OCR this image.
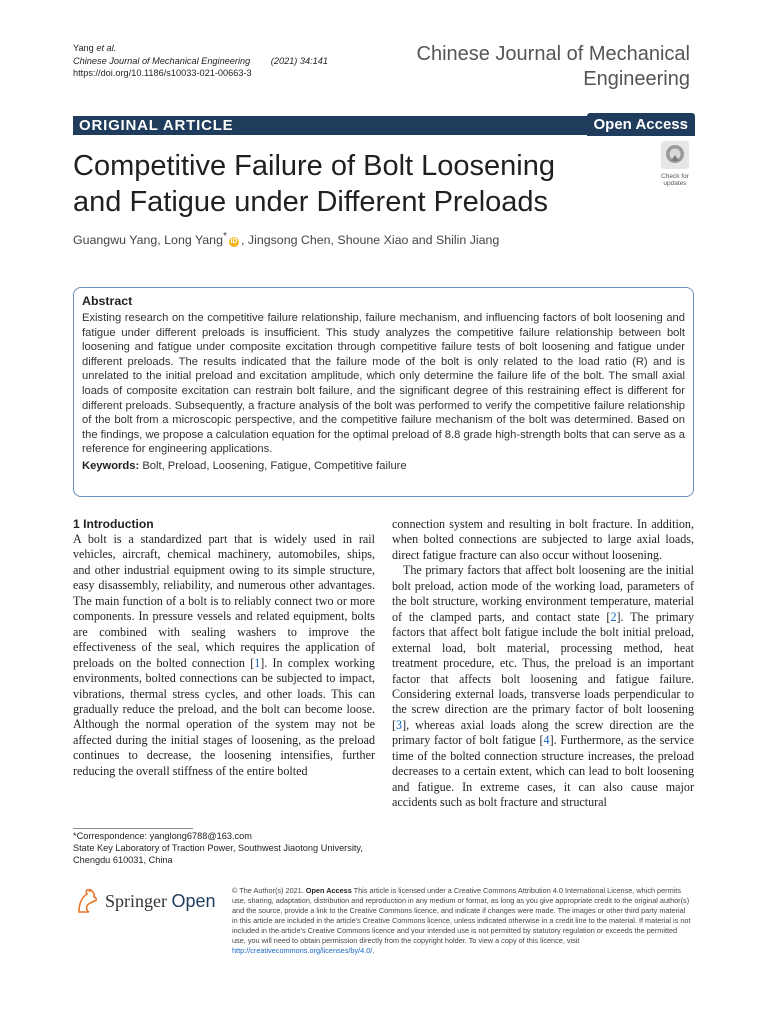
Yang et al.
Chinese Journal of Mechanical Engineering (2021) 34:141
https://doi.org/10.1186/s10033-021-00663-3
Chinese Journal of Mechanical
Engineering
ORIGINAL ARTICLE	Open Access
Competitive Failure of Bolt Loosening
and Fatigue under Different Preloads
Check for
updates
Guangwu Yang, Long Yang* iD , Jingsong Chen, Shoune Xiao and Shilin Jiang
Abstract

Existing research on the competitive failure relationship, failure mechanism, and influencing factors of bolt loosening and fatigue under different preloads is insufficient. This study analyzes the competitive failure relationship between bolt loosening and fatigue under composite excitation through competitive failure tests of bolt loosening and fatigue under different preloads. The results indicated that the failure mode of the bolt is only related to the load ratio (R) and is unrelated to the initial preload and excitation amplitude, which only determine the failure life of the bolt. The small axial loads of composite excitation can restrain bolt failure, and the significant degree of this restraining effect is different for different preloads. Subsequently, a fracture analysis of the bolt was performed to verify the competitive failure relationship of the bolt from a microscopic perspective, and the competitive failure mechanism of the bolt was determined. Based on the findings, we propose a calculation equation for the optimal preload of 8.8 grade high-strength bolts that can serve as a reference for engineering applications.

Keywords: Bolt, Preload, Loosening, Fatigue, Competitive failure
1 Introduction

A bolt is a standardized part that is widely used in rail vehicles, aircraft, chemical machinery, automobiles, ships, and other industrial equipment owing to its simple structure, easy disassembly, reliability, and numerous other advantages. The main function of a bolt is to reliably connect two or more components. In pressure vessels and related equipment, bolts are combined with sealing washers to improve the effectiveness of the seal, which requires the application of preloads on the bolted connection [1]. In complex working environments, bolted connections can be subjected to impact, vibrations, thermal stress cycles, and other loads. This can gradually reduce the preload, and the bolt can become loose. Although the normal operation of the system may not be affected during the initial stages of loosening, as the preload continues to decrease, the loosening intensifies, further reducing the overall stiffness of the entire bolted

connection system and resulting in bolt fracture. In addition, when bolted connections are subjected to large axial loads, direct fatigue fracture can also occur without loosening.

The primary factors that affect bolt loosening are the initial bolt preload, action mode of the working load, parameters of the bolt structure, working environment temperature, material of the clamped parts, and contact state [2]. The primary factors that affect bolt fatigue include the bolt initial preload, external load, bolt material, processing method, heat treatment procedure, etc. Thus, the preload is an important factor that affects bolt loosening and fatigue failure. Considering external loads, transverse loads perpendicular to the screw direction are the primary factor of bolt loosening [3], whereas axial loads along the screw direction are the primary factor of bolt fatigue [4]. Furthermore, as the service time of the bolted connection structure increases, the preload decreases to a certain extent, which can lead to bolt loosening and fatigue. In extreme cases, it can also cause major accidents such as bolt fracture and structural

*Correspondence: yanglong6788@163.com
State Key Laboratory of Traction Power, Southwest Jiaotong University,
Chengdu 610031, China
Springer Open © The Author(s) 2021. Open Access This article is licensed under a Creative Commons Attribution 4.0 International License, which permits use, sharing, adaptation, distribution and reproduction in any medium or format, as long as you give appropriate credit to the original author(s) and the source, provide a link to the Creative Commons licence, and indicate if changes were made. The images or other third party material in this article are included in the article's Creative Commons licence, unless indicated otherwise in a credit line to the material. If material is not included in the article's Creative Commons licence and your intended use is not permitted by statutory regulation or exceeds the permitted use, you will need to obtain permission directly from the copyright holder. To view a copy of this licence, visit http://creativecommons.org/licenses/by/4.0/.
